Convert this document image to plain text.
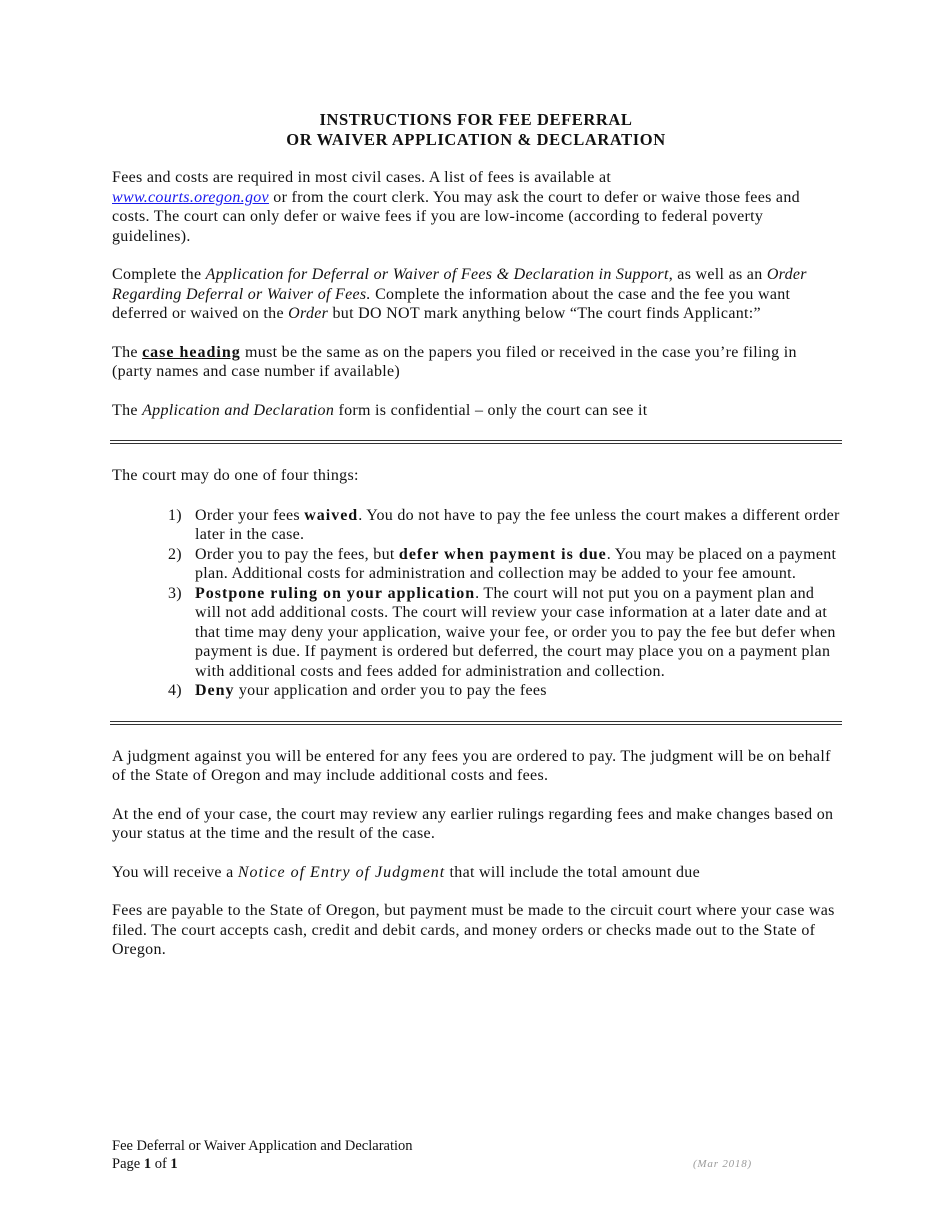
INSTRUCTIONS FOR FEE DEFERRAL
OR WAIVER APPLICATION & DECLARATION

Fees and costs are required in most civil cases. A list of fees is available at
www.courts.oregon.gov or from the court clerk. You may ask the court to defer or waive those fees and costs. The court can only defer or waive fees if you are low-income (according to federal poverty guidelines).

Complete the Application for Deferral or Waiver of Fees & Declaration in Support, as well as an Order Regarding Deferral or Waiver of Fees. Complete the information about the case and the fee you want deferred or waived on the Order but DO NOT mark anything below “The court finds Applicant:”

The case heading must be the same as on the papers you filed or received in the case you’re filing in (party names and case number if available)

The Application and Declaration form is confidential – only the court can see it

The court may do one of four things:

1) Order your fees waived. You do not have to pay the fee unless the court makes a different order later in the case.
2) Order you to pay the fees, but defer when payment is due. You may be placed on a payment plan. Additional costs for administration and collection may be added to your fee amount.
3) Postpone ruling on your application. The court will not put you on a payment plan and will not add additional costs. The court will review your case information at a later date and at that time may deny your application, waive your fee, or order you to pay the fee but defer when payment is due. If payment is ordered but deferred, the court may place you on a payment plan with additional costs and fees added for administration and collection.
4) Deny your application and order you to pay the fees

A judgment against you will be entered for any fees you are ordered to pay. The judgment will be on behalf of the State of Oregon and may include additional costs and fees.

At the end of your case, the court may review any earlier rulings regarding fees and make changes based on your status at the time and the result of the case.

You will receive a Notice of Entry of Judgment that will include the total amount due

Fees are payable to the State of Oregon, but payment must be made to the circuit court where your case was filed. The court accepts cash, credit and debit cards, and money orders or checks made out to the State of Oregon.

Fee Deferral or Waiver Application and Declaration
Page 1 of 1	(Mar 2018)
